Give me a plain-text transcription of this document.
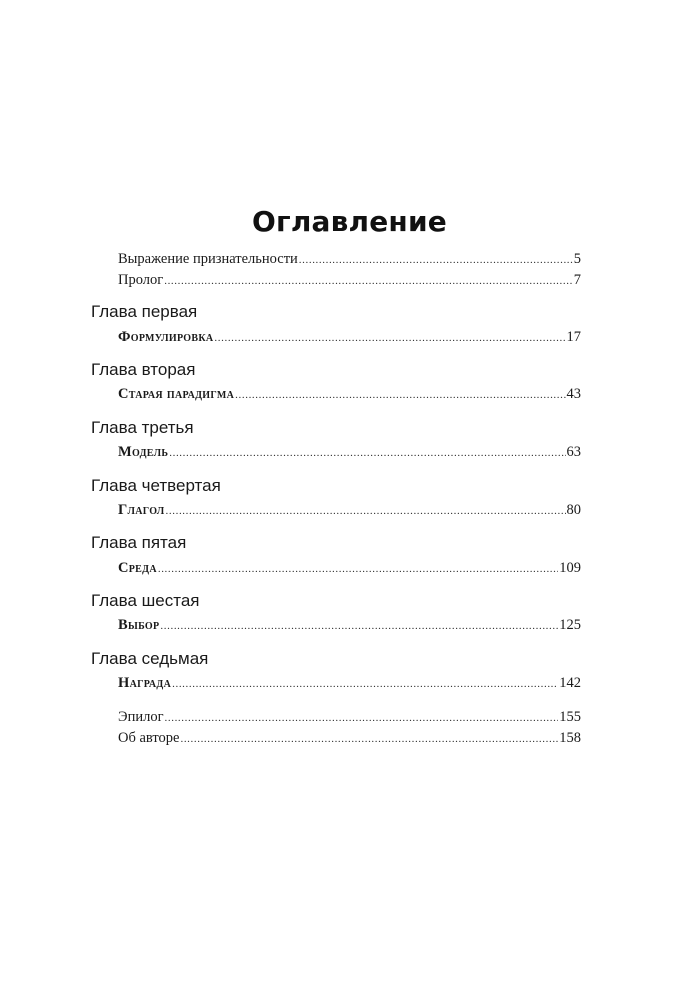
Оглавление
Выражение признательности .....	5
Пролог .....	7
Глава первая
Формулировка .....	17
Глава вторая
Старая парадигма .....	43
Глава третья
Модель .....	63
Глава четвертая
Глагол .....	80
Глава пятая
Среда .....	109
Глава шестая
Выбор .....	125
Глава седьмая
Награда .....	142
Эпилог .....	155
Об авторе .....	158
